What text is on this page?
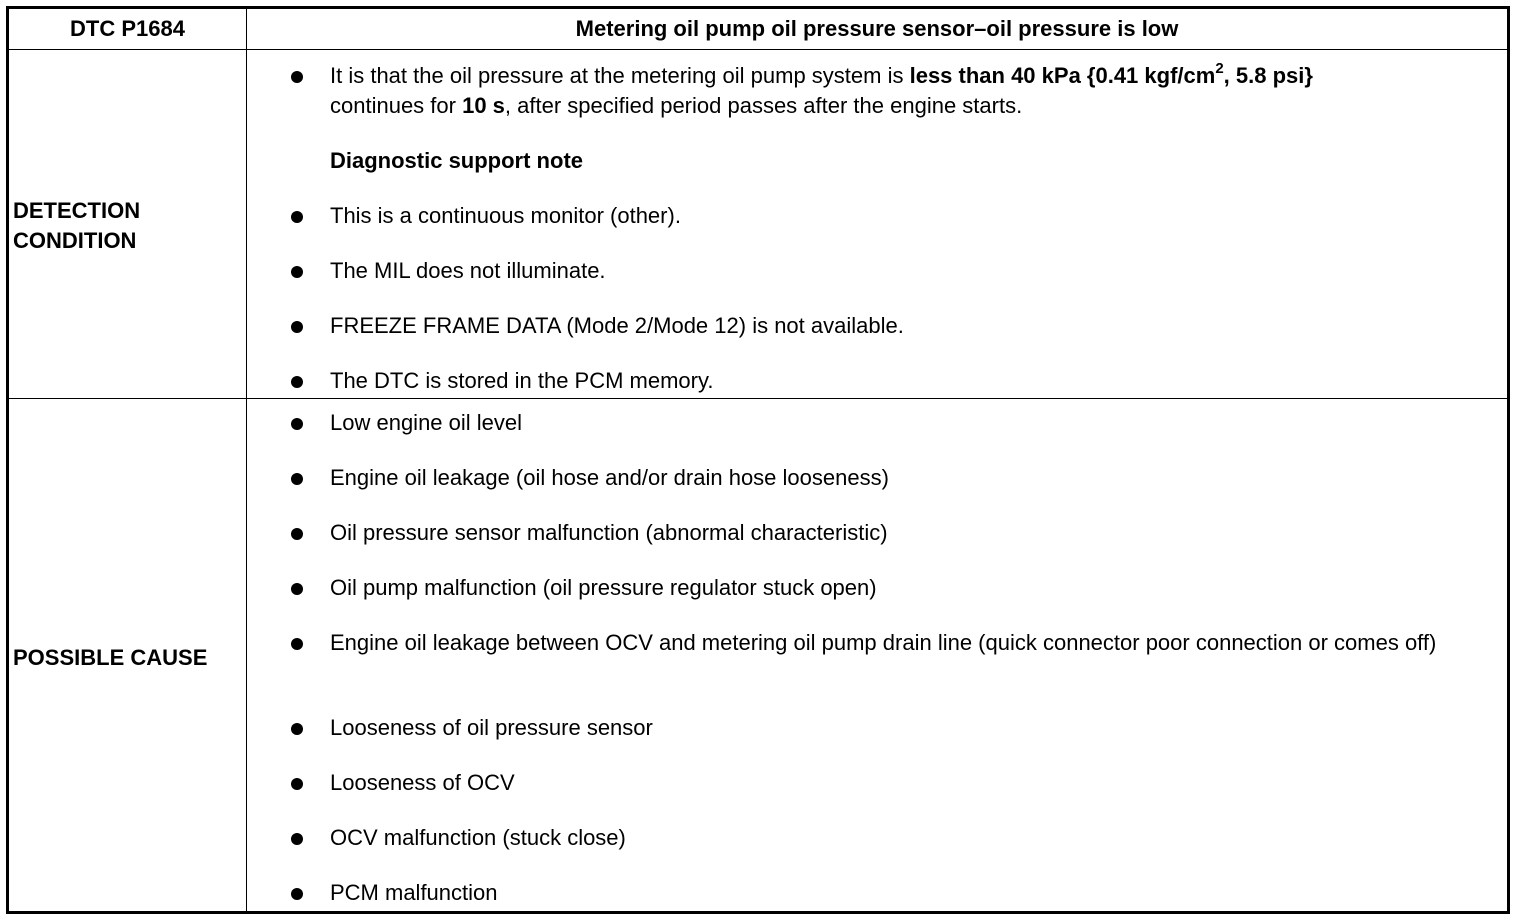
DTC P1684	Metering oil pump oil pressure sensor–oil pressure is low
DETECTION
CONDITION
It is that the oil pressure at the metering oil pump system is less than 40 kPa {0.41 kgf/$cm^2$, 5.8 psi}
continues for 10 s, after specified period passes after the engine starts.
Diagnostic support note
This is a continuous monitor (other).
The MIL does not illuminate.
FREEZE FRAME DATA (Mode 2/Mode 12) is not available.
The DTC is stored in the PCM memory.
POSSIBLE CAUSE
Low engine oil level
Engine oil leakage (oil hose and/or drain hose looseness)
Oil pressure sensor malfunction (abnormal characteristic)
Oil pump malfunction (oil pressure regulator stuck open)
Engine oil leakage between OCV and metering oil pump drain line (quick connector poor connection or comes off)
Looseness of oil pressure sensor
Looseness of OCV
OCV malfunction (stuck close)
PCM malfunction
